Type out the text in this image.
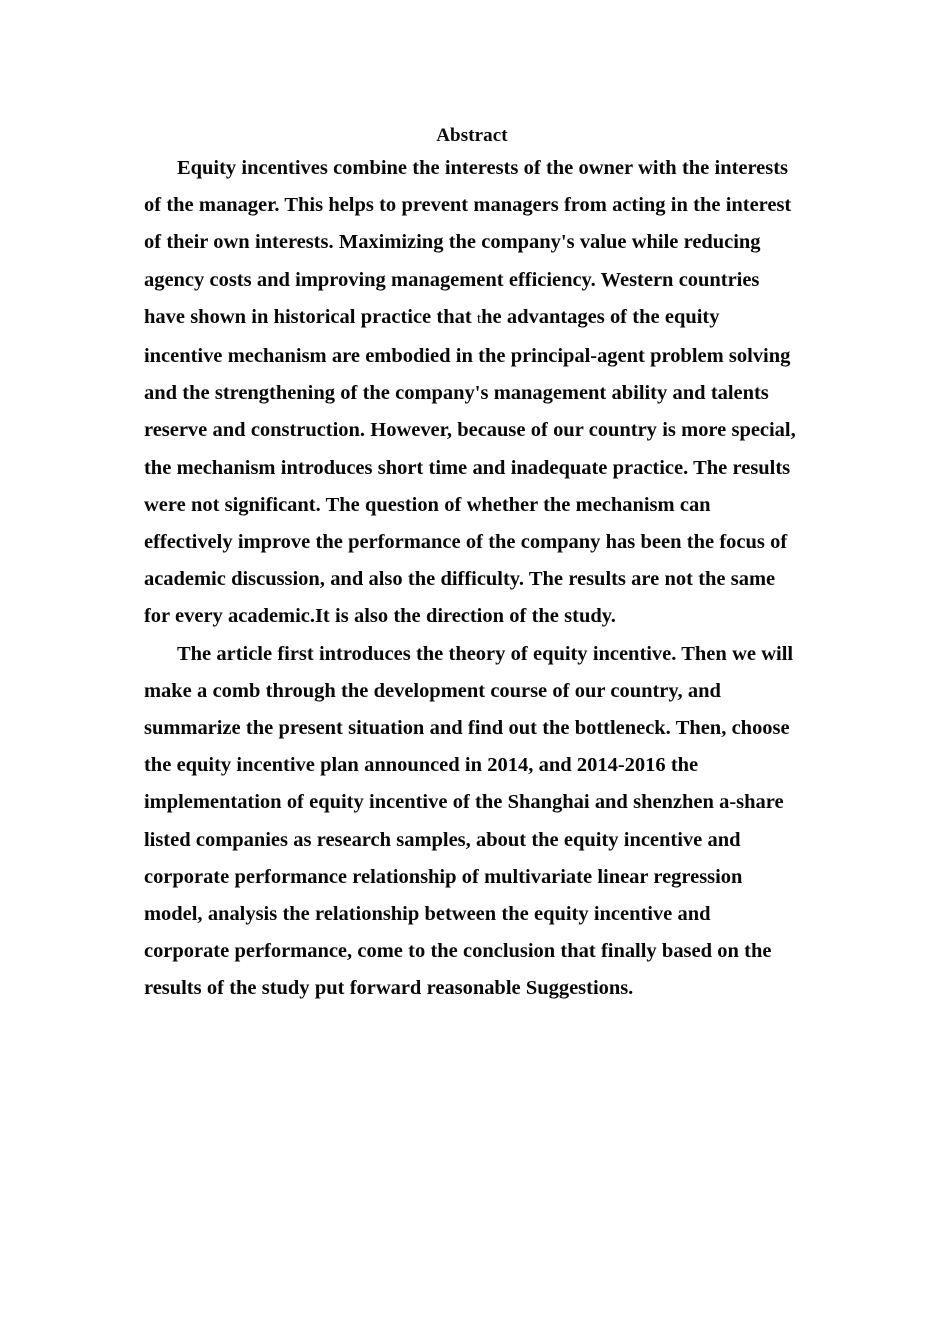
Abstract

Equity incentives combine the interests of the owner with the interests of the manager. This helps to prevent managers from acting in the interest of their own interests. Maximizing the company's value while reducing agency costs and improving management efficiency. Western countries have shown in historical practice that the advantages of the equity incentive mechanism are embodied in the principal-agent problem solving and the strengthening of the company's management ability and talents reserve and construction. However, because of our country is more special, the mechanism introduces short time and inadequate practice. The results were not significant. The question of whether the mechanism can effectively improve the performance of the company has been the focus of academic discussion, and also the difficulty. The results are not the same for every academic.It is also the direction of the study.

The article first introduces the theory of equity incentive. Then we will make a comb through the development course of our country, and summarize the present situation and find out the bottleneck. Then, choose the equity incentive plan announced in 2014, and 2014-2016 the implementation of equity incentive of the Shanghai and shenzhen a-share listed companies as research samples, about the equity incentive and corporate performance relationship of multivariate linear regression model, analysis the relationship between the equity incentive and corporate performance, come to the conclusion that finally based on the results of the study put forward reasonable Suggestions.
